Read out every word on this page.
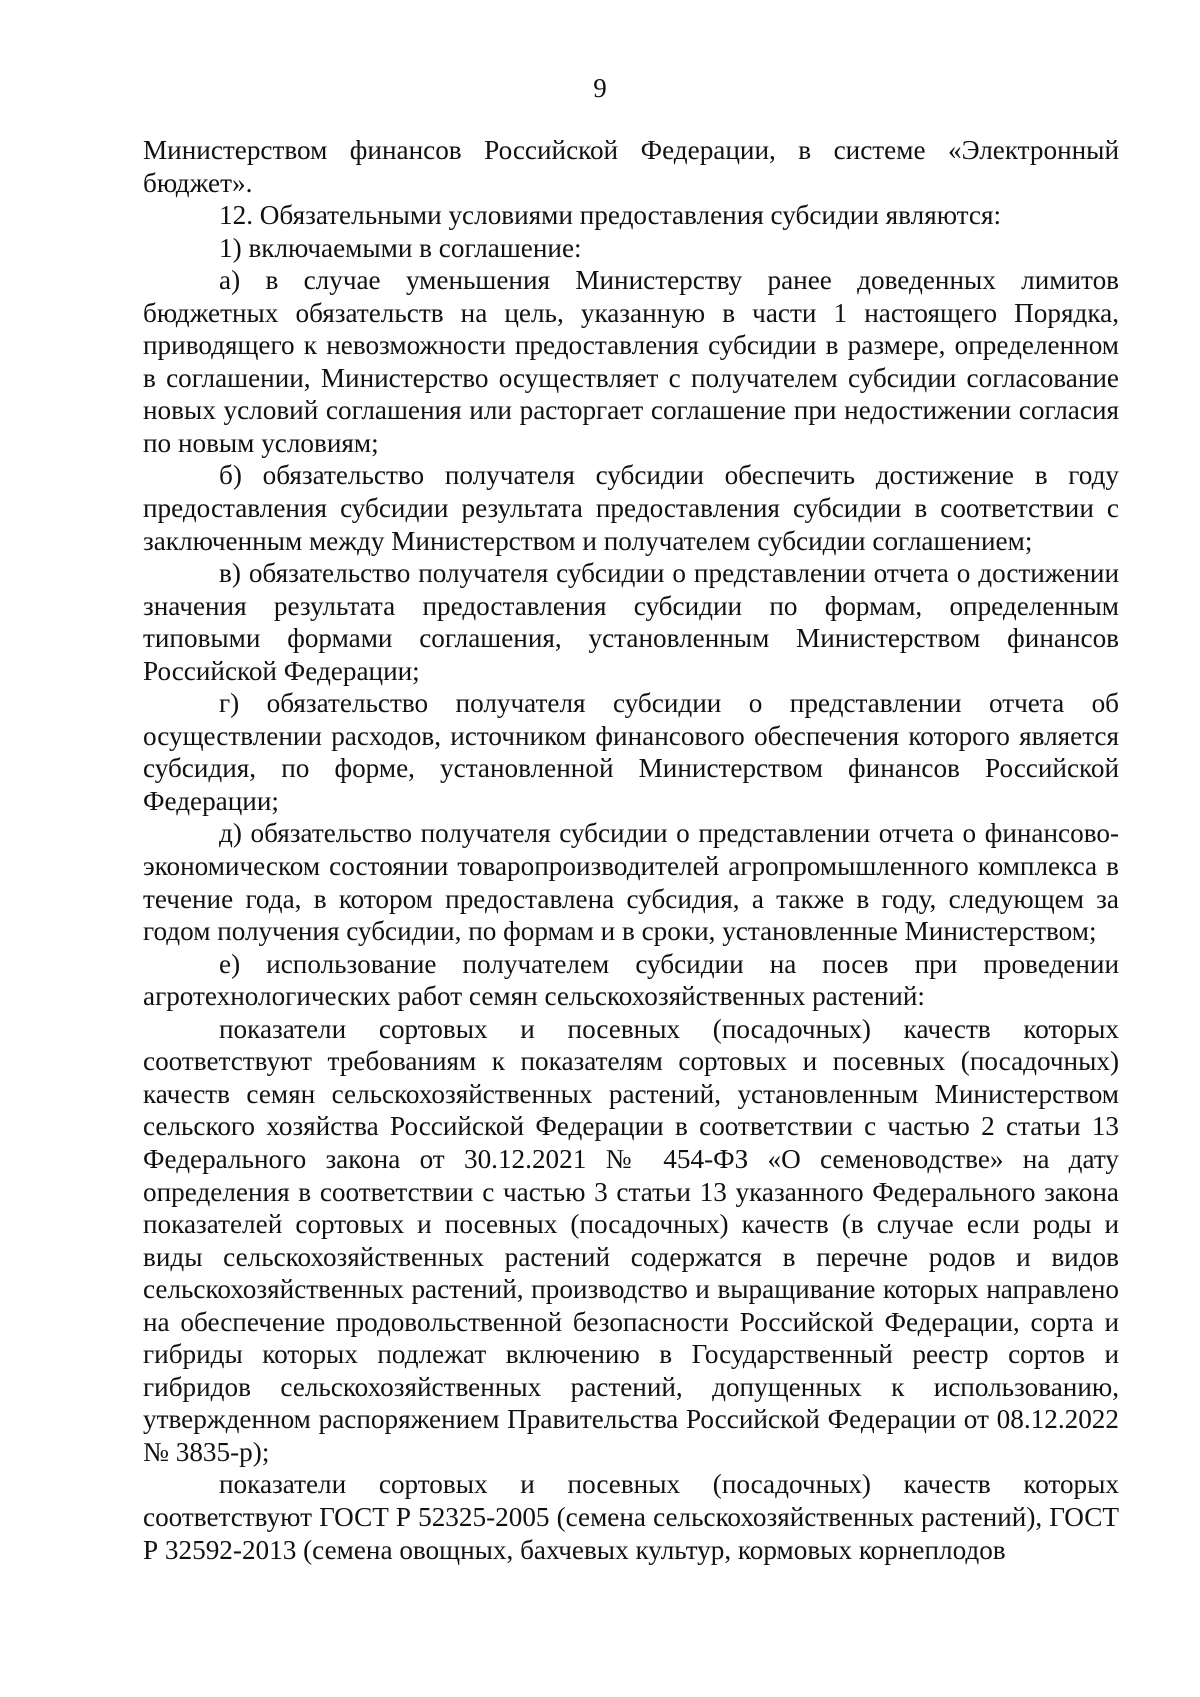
9

Министерством финансов Российской Федерации, в системе «Электронный бюджет».

12. Обязательными условиями предоставления субсидии являются:

1) включаемыми в соглашение:

а) в случае уменьшения Министерству ранее доведенных лимитов бюджетных обязательств на цель, указанную в части 1 настоящего Порядка, приводящего к невозможности предоставления субсидии в размере, определенном в соглашении, Министерство осуществляет с получателем субсидии согласование новых условий соглашения или расторгает соглашение при недостижении согласия по новым условиям;

б) обязательство получателя субсидии обеспечить достижение в году предоставления субсидии результата предоставления субсидии в соответствии с заключенным между Министерством и получателем субсидии соглашением;

в) обязательство получателя субсидии о представлении отчета о достижении значения результата предоставления субсидии по формам, определенным типовыми формами соглашения, установленным Министерством финансов Российской Федерации;

г) обязательство получателя субсидии о представлении отчета об осуществлении расходов, источником финансового обеспечения которого является субсидия, по форме, установленной Министерством финансов Российской Федерации;

д) обязательство получателя субсидии о представлении отчета о финансово-экономическом состоянии товаропроизводителей агропромышленного комплекса в течение года, в котором предоставлена субсидия, а также в году, следующем за годом получения субсидии, по формам и в сроки, установленные Министерством;

е) использование получателем субсидии на посев при проведении агротехнологических работ семян сельскохозяйственных растений:

показатели сортовых и посевных (посадочных) качеств которых соответствуют требованиям к показателям сортовых и посевных (посадочных) качеств семян сельскохозяйственных растений, установленным Министерством сельского хозяйства Российской Федерации в соответствии с частью 2 статьи 13 Федерального закона от 30.12.2021 № 454-ФЗ «О семеноводстве» на дату определения в соответствии с частью 3 статьи 13 указанного Федерального закона показателей сортовых и посевных (посадочных) качеств (в случае если роды и виды сельскохозяйственных растений содержатся в перечне родов и видов сельскохозяйственных растений, производство и выращивание которых направлено на обеспечение продовольственной безопасности Российской Федерации, сорта и гибриды которых подлежат включению в Государственный реестр сортов и гибридов сельскохозяйственных растений, допущенных к использованию, утвержденном распоряжением Правительства Российской Федерации от 08.12.2022 № 3835-р);

показатели сортовых и посевных (посадочных) качеств которых соответствуют ГОСТ Р 52325-2005 (семена сельскохозяйственных растений), ГОСТ Р 32592-2013 (семена овощных, бахчевых культур, кормовых корнеплодов
